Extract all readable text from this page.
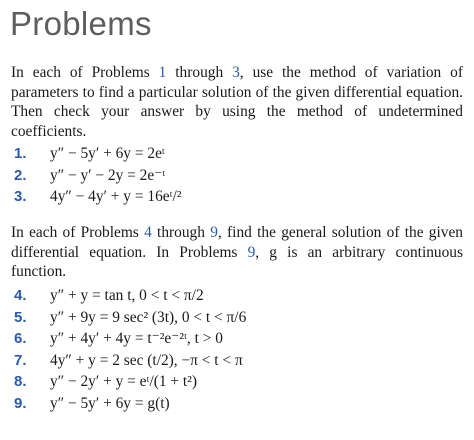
Problems

In each of Problems 1 through 3, use the method of variation of parameters to find a particular solution of the given differential equation. Then check your answer by using the method of undetermined coefficients.

1.	y″ − 5y′ + 6y = 2eᵗ
2.	y″ − y′ − 2y = 2e⁻ᵗ
3.	4y″ − 4y′ + y = 16eᵗ/²

In each of Problems 4 through 9, find the general solution of the given differential equation. In Problems 9, g is an arbitrary continuous function.

4.	y″ + y = tan t, 0 < t < π/2
5.	y″ + 9y = 9 sec² (3t), 0 < t < π/6
6.	y″ + 4y′ + 4y = t⁻²e⁻²ᵗ, t > 0
7.	4y″ + y = 2 sec (t/2), −π < t < π
8.	y″ − 2y′ + y = eᵗ/(1 + t²)
9.	y″ − 5y′ + 6y = g(t)
